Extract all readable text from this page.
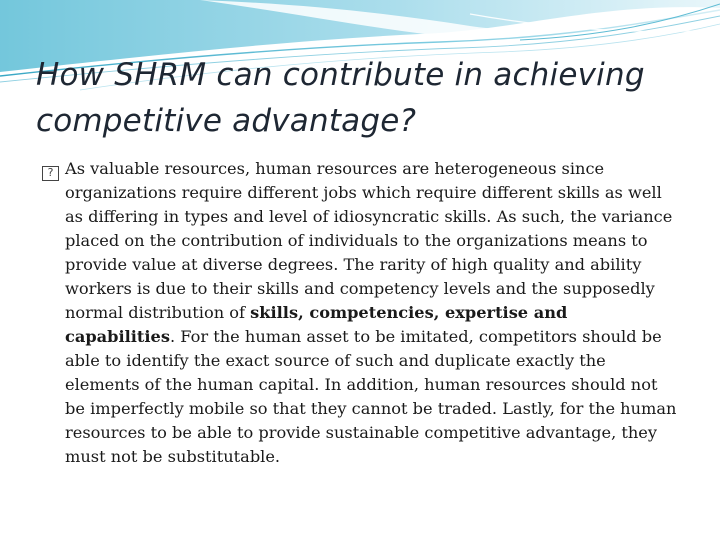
How SHRM can contribute in achieving competitive advantage?

? As valuable resources, human resources are heterogeneous since organizations require different jobs which require different skills as well as differing in types and level of idiosyncratic skills. As such, the variance placed on the contribution of individuals to the organizations means to provide value at diverse degrees. The rarity of high quality and ability workers is due to their skills and competency levels and the supposedly normal distribution of skills, competencies, expertise and capabilities. For the human asset to be imitated, competitors should be able to identify the exact source of such and duplicate exactly the elements of the human capital. In addition, human resources should not be imperfectly mobile so that they cannot be traded. Lastly, for the human resources to be able to provide sustainable competitive advantage, they must not be substitutable.
